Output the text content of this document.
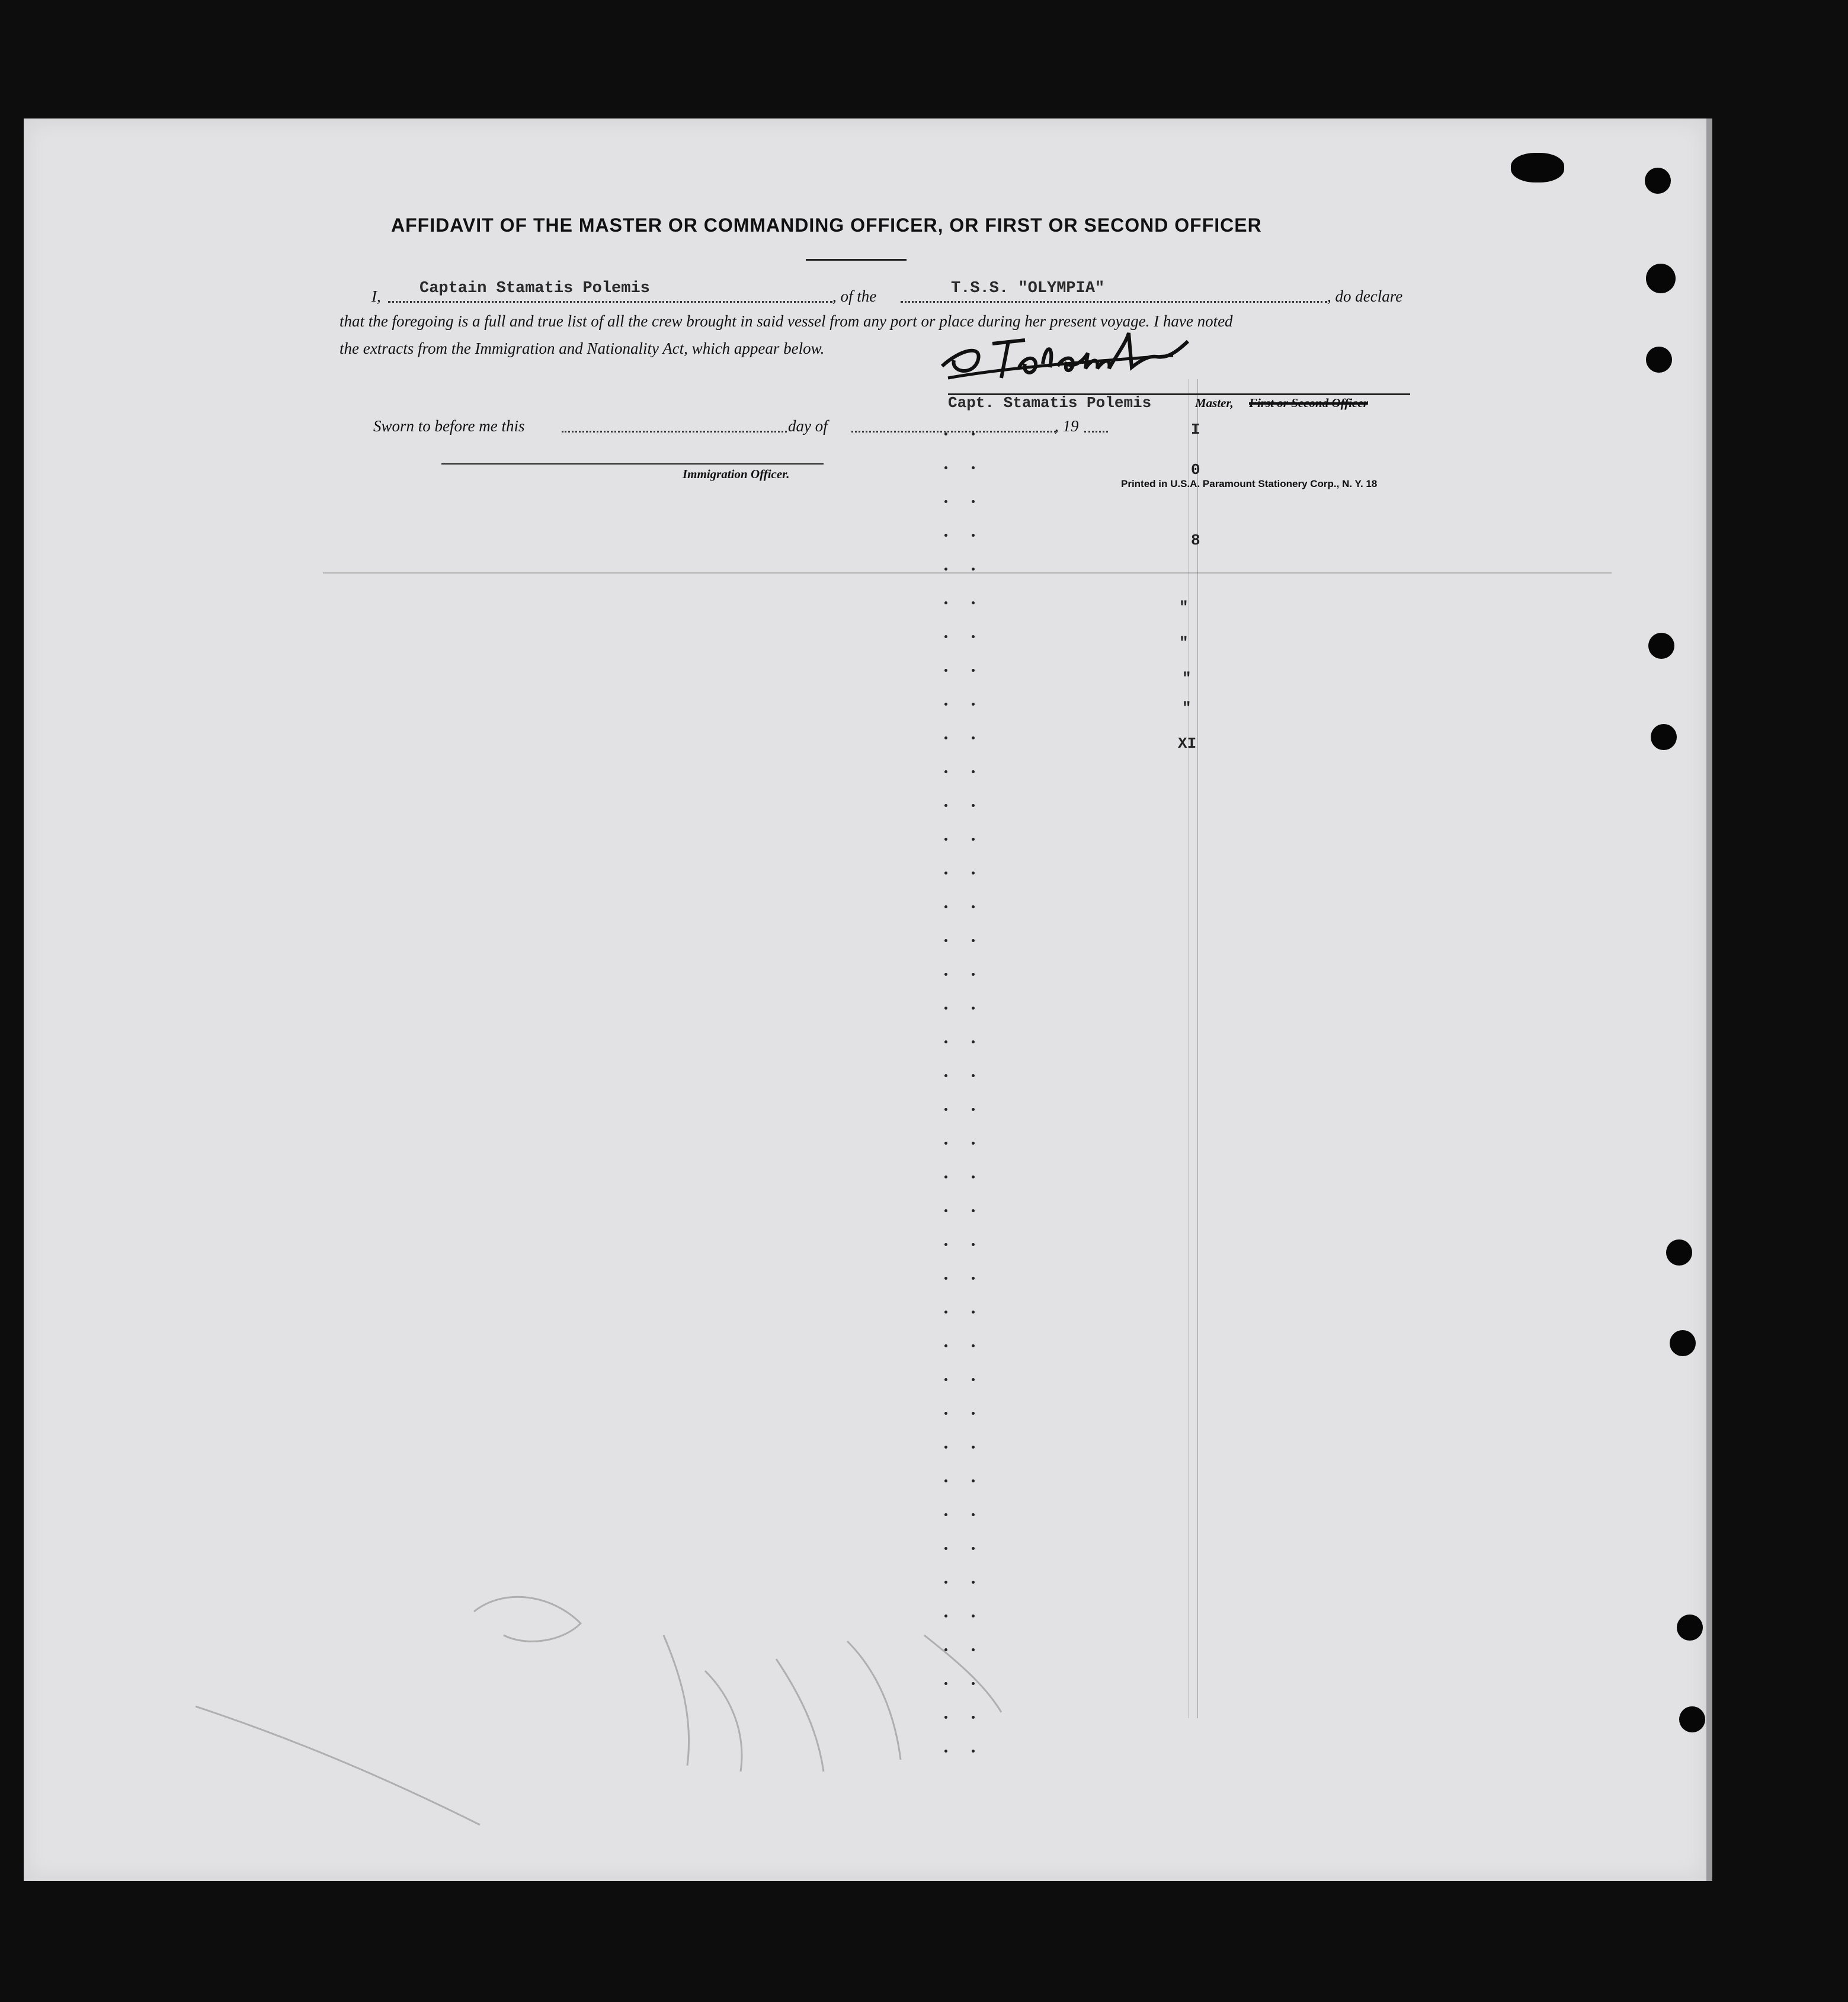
AFFIDAVIT OF THE MASTER OR COMMANDING OFFICER, OR FIRST OR SECOND OFFICER
I, Captain Stamatis Polemis	, of the	T.S.S. "OLYMPIA"	, do declare
that the foregoing is a full and true list of all the crew brought in said vessel from any port or place during her present voyage. I have noted
the extracts from the Immigration and Nationality Act, which appear below.
Capt. Stamatis Polemis	Master, First or Second Officer
Sworn to before me this	day of	, 19
Immigration Officer.
Printed in U.S.A. Paramount Stationery Corp., N. Y. 18
I
0
8
"
"
"
"
XI
